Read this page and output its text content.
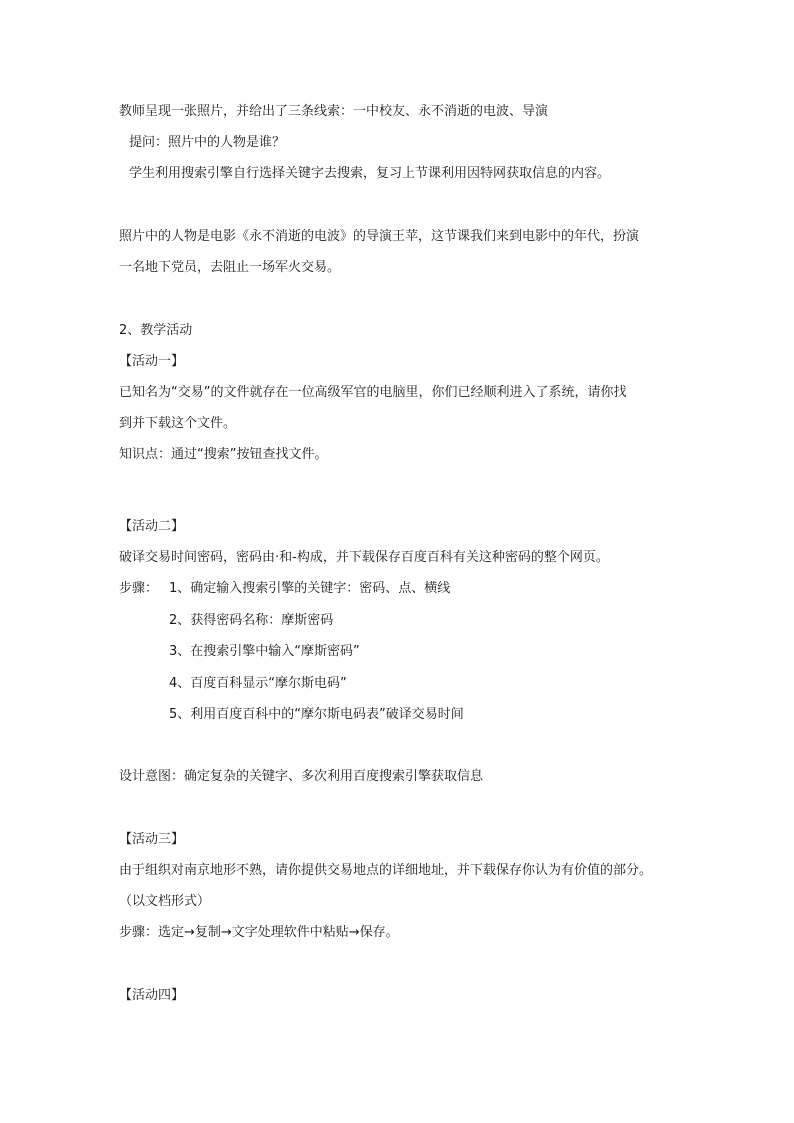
教师呈现一张照片，并给出了三条线索：一中校友、永不消逝的电波、导演
提问：照片中的人物是谁？
学生利用搜索引擎自行选择关键字去搜索，复习上节课利用因特网获取信息的内容。
照片中的人物是电影《永不消逝的电波》的导演王苹，这节课我们来到电影中的年代，扮演
一名地下党员，去阻止一场军火交易。
2、教学活动
【活动一】
已知名为“交易”的文件就存在一位高级军官的电脑里，你们已经顺利进入了系统，请你找
到并下载这个文件。
知识点：通过“搜索”按钮查找文件。
【活动二】
破译交易时间密码，密码由·和-构成，并下载保存百度百科有关这种密码的整个网页。
步骤： 1、确定输入搜索引擎的关键字：密码、点、横线
2、获得密码名称：摩斯密码
3、在搜索引擎中输入“摩斯密码”
4、百度百科显示“摩尔斯电码”
5、利用百度百科中的“摩尔斯电码表”破译交易时间
设计意图：确定复杂的关键字、多次利用百度搜索引擎获取信息
【活动三】
由于组织对南京地形不熟，请你提供交易地点的详细地址，并下载保存你认为有价值的部分。
（以文档形式）
步骤：选定→复制→文字处理软件中粘贴→保存。
【活动四】
